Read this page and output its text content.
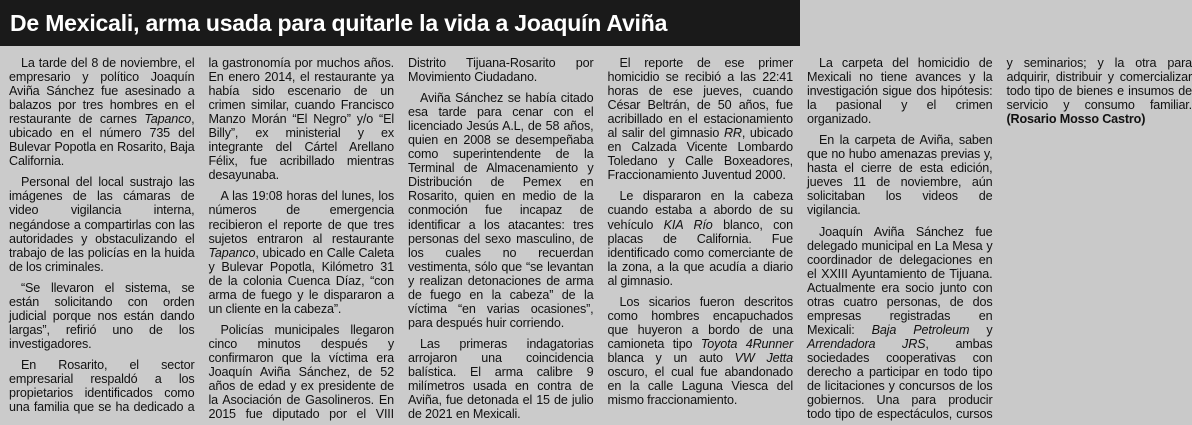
De Mexicali, arma usada para quitarle la vida a Joaquín Aviña

La tarde del 8 de noviembre, el empresario y político Joaquín Aviña Sánchez fue asesinado a balazos por tres hombres en el restaurante de carnes Tapanco, ubicado en el número 735 del Bulevar Popotla en Rosarito, Baja California.

Personal del local sustrajo las imágenes de las cámaras de video vigilancia interna, negándose a compartirlas con las autoridades y obstaculizando el trabajo de las policías en la huida de los criminales.

“Se llevaron el sistema, se están solicitando con orden judicial porque nos están dando largas”, refirió uno de los investigadores.

En Rosarito, el sector empresarial respaldó a los propietarios identificados como una familia que se ha dedicado a la gastronomía por muchos años. En enero 2014, el restaurante ya había sido escenario de un crimen similar, cuando Francisco Manzo Morán “El Negro” y/o “El Billy”, ex ministerial y ex integrante del Cártel Arellano Félix, fue acribillado mientras desayunaba.

A las 19:08 horas del lunes, los números de emergencia recibieron el reporte de que tres sujetos entraron al restaurante Tapanco, ubicado en Calle Caleta y Bulevar Popotla, Kilómetro 31 de la colonia Cuenca Díaz, “con arma de fuego y le dispararon a un cliente en la cabeza”.

Policías municipales llegaron cinco minutos después y confirmaron que la víctima era Joaquín Aviña Sánchez, de 52 años de edad y ex presidente de la Asociación de Gasolineros. En 2015 fue diputado por el VIII Distrito Tijuana-Rosarito por Movimiento Ciudadano.

Aviña Sánchez se había citado esa tarde para cenar con el licenciado Jesús A.L, de 58 años, quien en 2008 se desempeñaba como superintendente de la Terminal de Almacenamiento y Distribución de Pemex en Rosarito, quien en medio de la conmoción fue incapaz de identificar a los atacantes: tres personas del sexo masculino, de los cuales no recuerdan vestimenta, sólo que “se levantan y realizan detonaciones de arma de fuego en la cabeza” de la víctima “en varias ocasiones”, para después huir corriendo.

Las primeras indagatorias arrojaron una coincidencia balística. El arma calibre 9 milímetros usada en contra de Aviña, fue detonada el 15 de julio de 2021 en Mexicali.

El reporte de ese primer homicidio se recibió a las 22:41 horas de ese jueves, cuando César Beltrán, de 50 años, fue acribillado en el estacionamiento al salir del gimnasio RR, ubicado en Calzada Vicente Lombardo Toledano y Calle Boxeadores, Fraccionamiento Juventud 2000.

Le dispararon en la cabeza cuando estaba a abordo de su vehículo KIA Río blanco, con placas de California. Fue identificado como comerciante de la zona, a la que acudía a diario al gimnasio.

Los sicarios fueron descritos como hombres encapuchados que huyeron a bordo de una camioneta tipo Toyota 4Runner blanca y un auto VW Jetta oscuro, el cual fue abandonado en la calle Laguna Viesca del mismo fraccionamiento.

La carpeta del homicidio de Mexicali no tiene avances y la investigación sigue dos hipótesis: la pasional y el crimen organizado.

En la carpeta de Aviña, saben que no hubo amenazas previas y, hasta el cierre de esta edición, jueves 11 de noviembre, aún solicitaban los videos de vigilancia.

Joaquín Aviña Sánchez fue delegado municipal en La Mesa y coordinador de delegaciones en el XXIII Ayuntamiento de Tijuana. Actualmente era socio junto con otras cuatro personas, de dos empresas registradas en Mexicali: Baja Petroleum y Arrendadora JRS, ambas sociedades cooperativas con derecho a participar en todo tipo de licitaciones y concursos de los gobiernos. Una para producir todo tipo de espectáculos, cursos y seminarios; y la otra para adquirir, distribuir y comercializar todo tipo de bienes e insumos de servicio y consumo familiar. (Rosario Mosso Castro)
